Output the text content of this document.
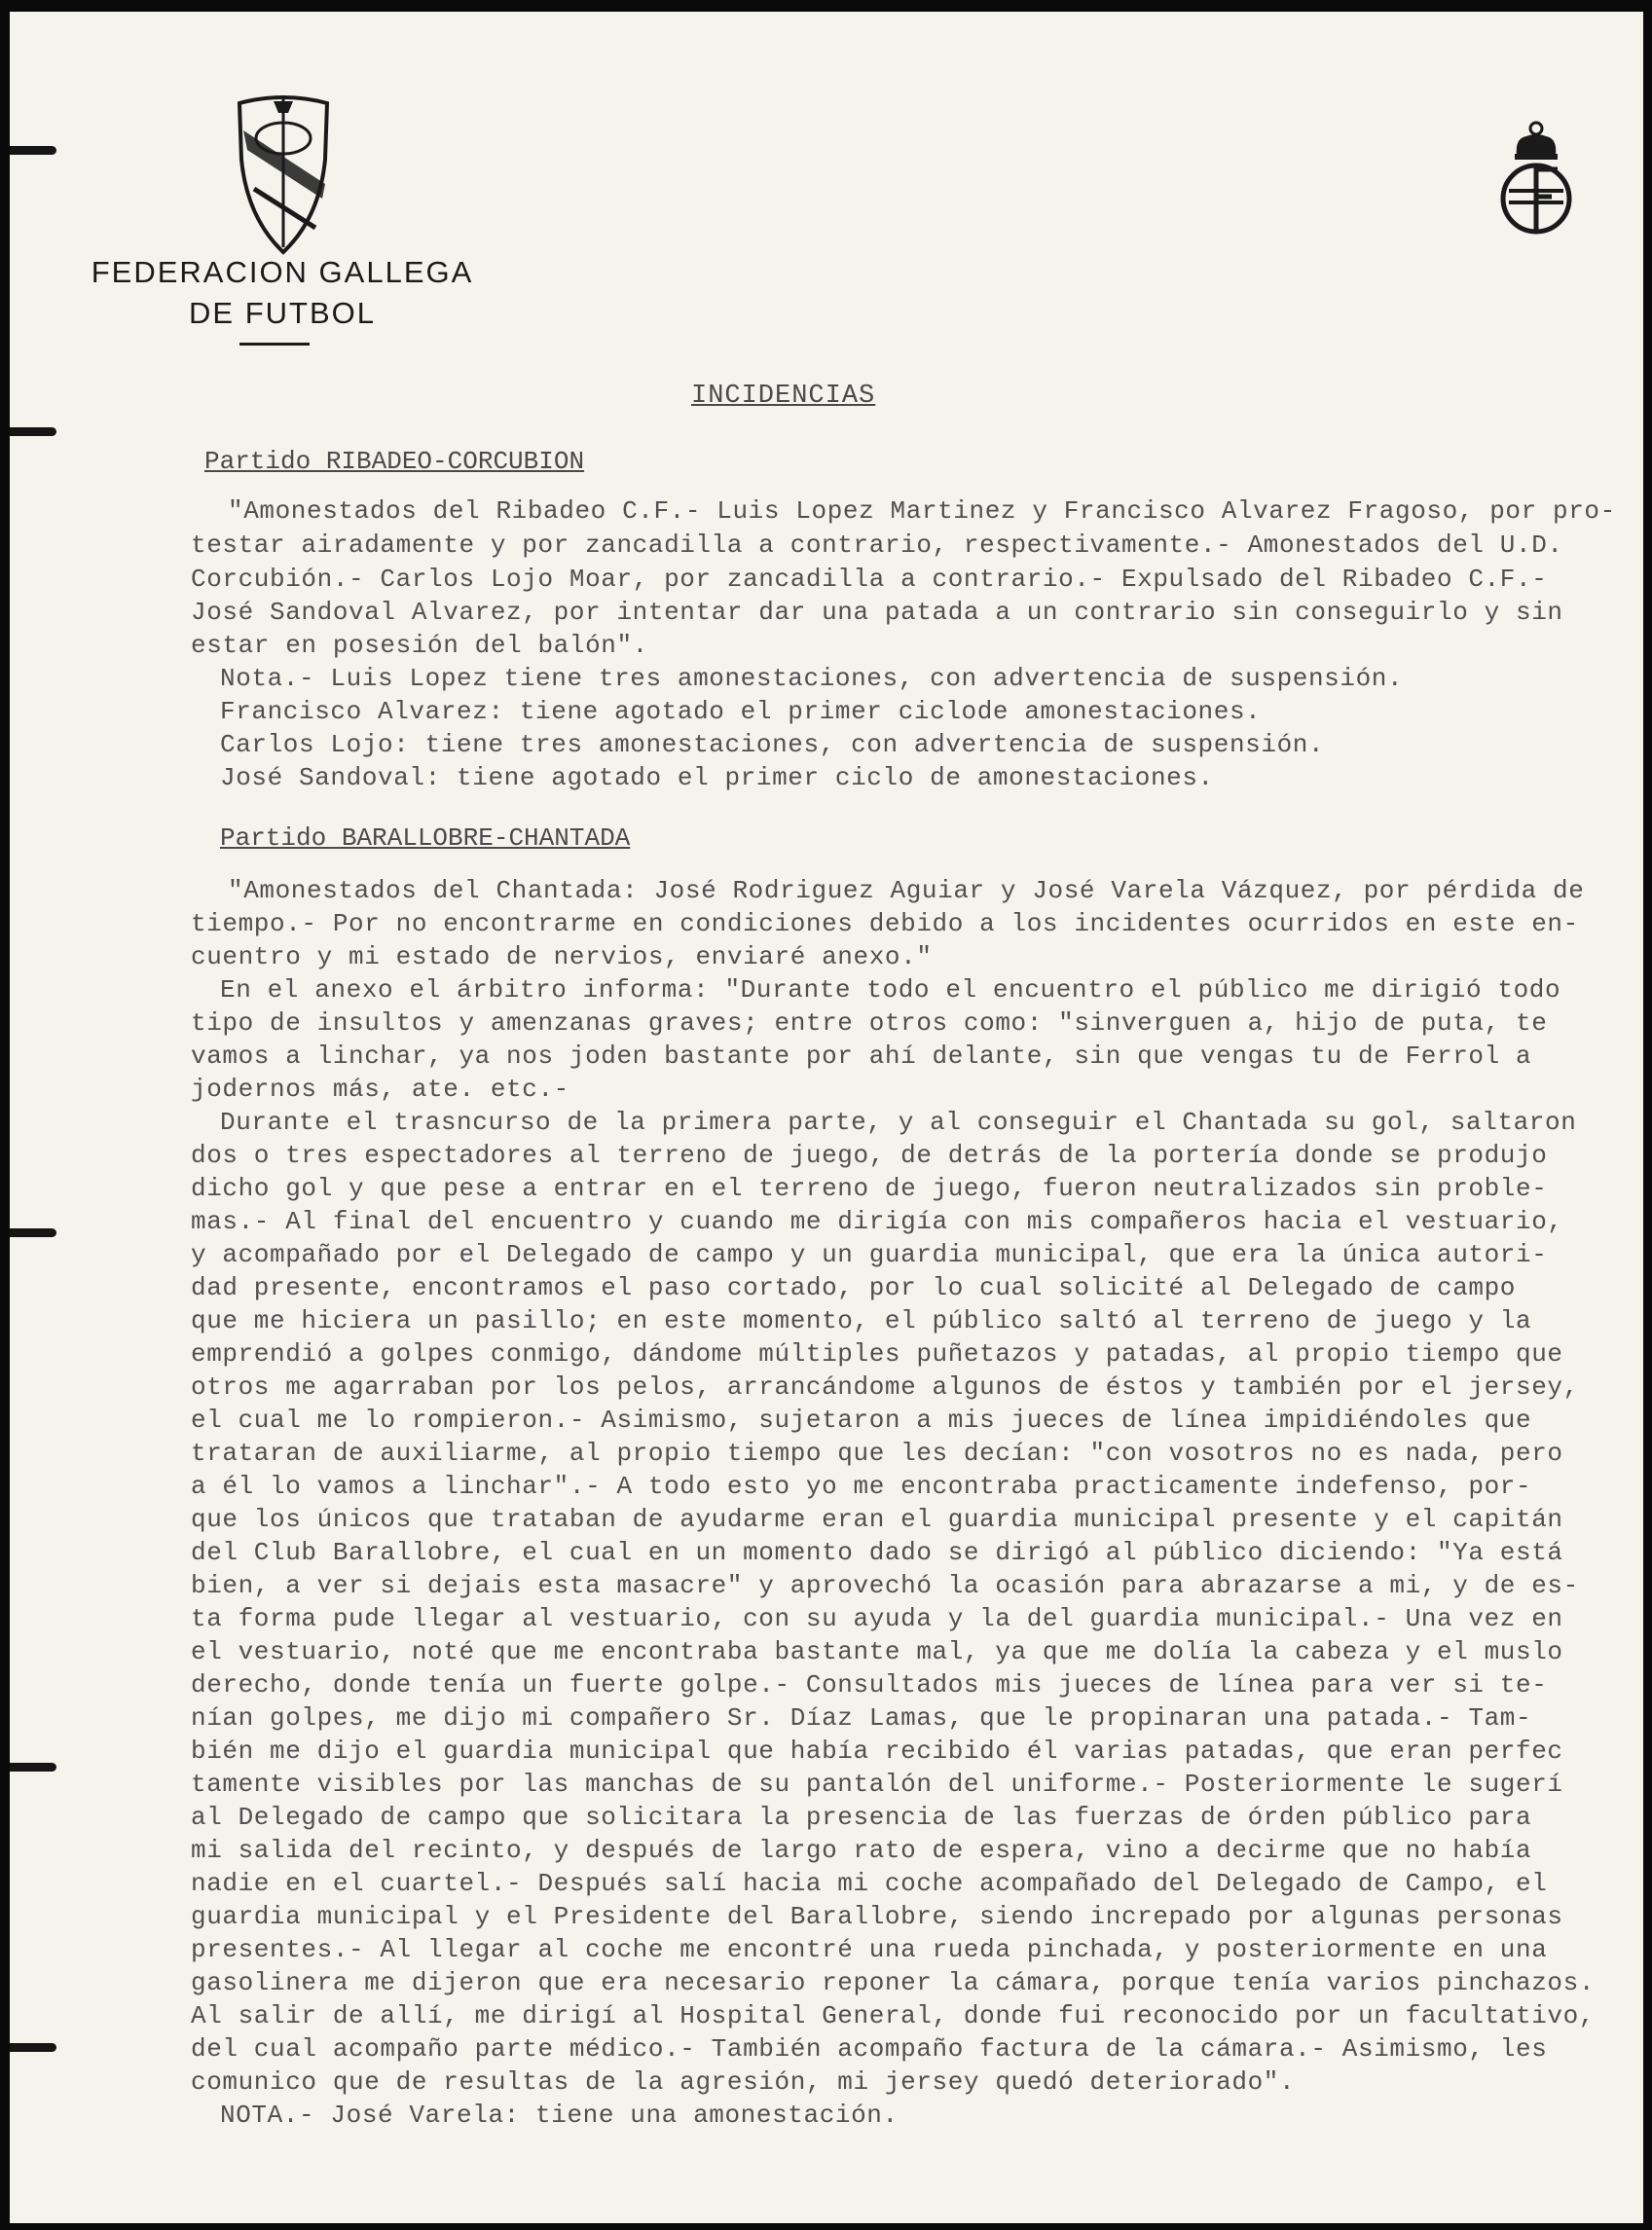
FEDERACION GALLEGA
DE FUTBOL
INCIDENCIAS
Partido RIBADEO-CORCUBION
"Amonestados del Ribadeo C.F.- Luis Lopez Martinez y Francisco Alvarez Fragoso, por pro-
testar airadamente y por zancadilla a contrario, respectivamente.- Amonestados del U.D.
Corcubión.- Carlos Lojo Moar, por zancadilla a contrario.- Expulsado del Ribadeo C.F.-
José Sandoval Alvarez, por intentar dar una patada a un contrario sin conseguirlo y sin
estar en posesión del balón".
Nota.- Luis Lopez tiene tres amonestaciones, con advertencia de suspensión.
Francisco Alvarez: tiene agotado el primer ciclode amonestaciones.
Carlos Lojo: tiene tres amonestaciones, con advertencia de suspensión.
José Sandoval: tiene agotado el primer ciclo de amonestaciones.
Partido BARALLOBRE-CHANTADA
"Amonestados del Chantada: José Rodriguez Aguiar y José Varela Vázquez, por pérdida de
tiempo.- Por no encontrarme en condiciones debido a los incidentes ocurridos en este en-
cuentro y mi estado de nervios, enviaré anexo."
En el anexo el árbitro informa: "Durante todo el encuentro el público me dirigió todo
tipo de insultos y amenzanas graves; entre otros como: "sinverguen a, hijo de puta, te
vamos a linchar, ya nos joden bastante por ahí delante, sin que vengas tu de Ferrol a
jodernos más, ate. etc.-
Durante el trasncurso de la primera parte, y al conseguir el Chantada su gol, saltaron
dos o tres espectadores al terreno de juego, de detrás de la portería donde se produjo
dicho gol y que pese a entrar en el terreno de juego, fueron neutralizados sin proble-
mas.- Al final del encuentro y cuando me dirigía con mis compañeros hacia el vestuario,
y acompañado por el Delegado de campo y un guardia municipal, que era la única autori-
dad presente, encontramos el paso cortado, por lo cual solicité al Delegado de campo
que me hiciera un pasillo; en este momento, el público saltó al terreno de juego y la
emprendió a golpes conmigo, dándome múltiples puñetazos y patadas, al propio tiempo que
otros me agarraban por los pelos, arrancándome algunos de éstos y también por el jersey,
el cual me lo rompieron.- Asimismo, sujetaron a mis jueces de línea impidiéndoles que
trataran de auxiliarme, al propio tiempo que les decían: "con vosotros no es nada, pero
a él lo vamos a linchar".- A todo esto yo me encontraba practicamente indefenso, por-
que los únicos que trataban de ayudarme eran el guardia municipal presente y el capitán
del Club Barallobre, el cual en un momento dado se dirigó al público diciendo: "Ya está
bien, a ver si dejais esta masacre" y aprovechó la ocasión para abrazarse a mi, y de es-
ta forma pude llegar al vestuario, con su ayuda y la del guardia municipal.- Una vez en
el vestuario, noté que me encontraba bastante mal, ya que me dolía la cabeza y el muslo
derecho, donde tenía un fuerte golpe.- Consultados mis jueces de línea para ver si te-
nían golpes, me dijo mi compañero Sr. Díaz Lamas, que le propinaran una patada.- Tam-
bién me dijo el guardia municipal que había recibido él varias patadas, que eran perfec
tamente visibles por las manchas de su pantalón del uniforme.- Posteriormente le sugerí
al Delegado de campo que solicitara la presencia de las fuerzas de órden público para
mi salida del recinto, y después de largo rato de espera, vino a decirme que no había
nadie en el cuartel.- Después salí hacia mi coche acompañado del Delegado de Campo, el
guardia municipal y el Presidente del Barallobre, siendo increpado por algunas personas
presentes.- Al llegar al coche me encontré una rueda pinchada, y posteriormente en una
gasolinera me dijeron que era necesario reponer la cámara, porque tenía varios pinchazos.
Al salir de allí, me dirigí al Hospital General, donde fui reconocido por un facultativo,
del cual acompaño parte médico.- También acompaño factura de la cámara.- Asimismo, les
comunico que de resultas de la agresión, mi jersey quedó deteriorado".
NOTA.- José Varela: tiene una amonestación.
